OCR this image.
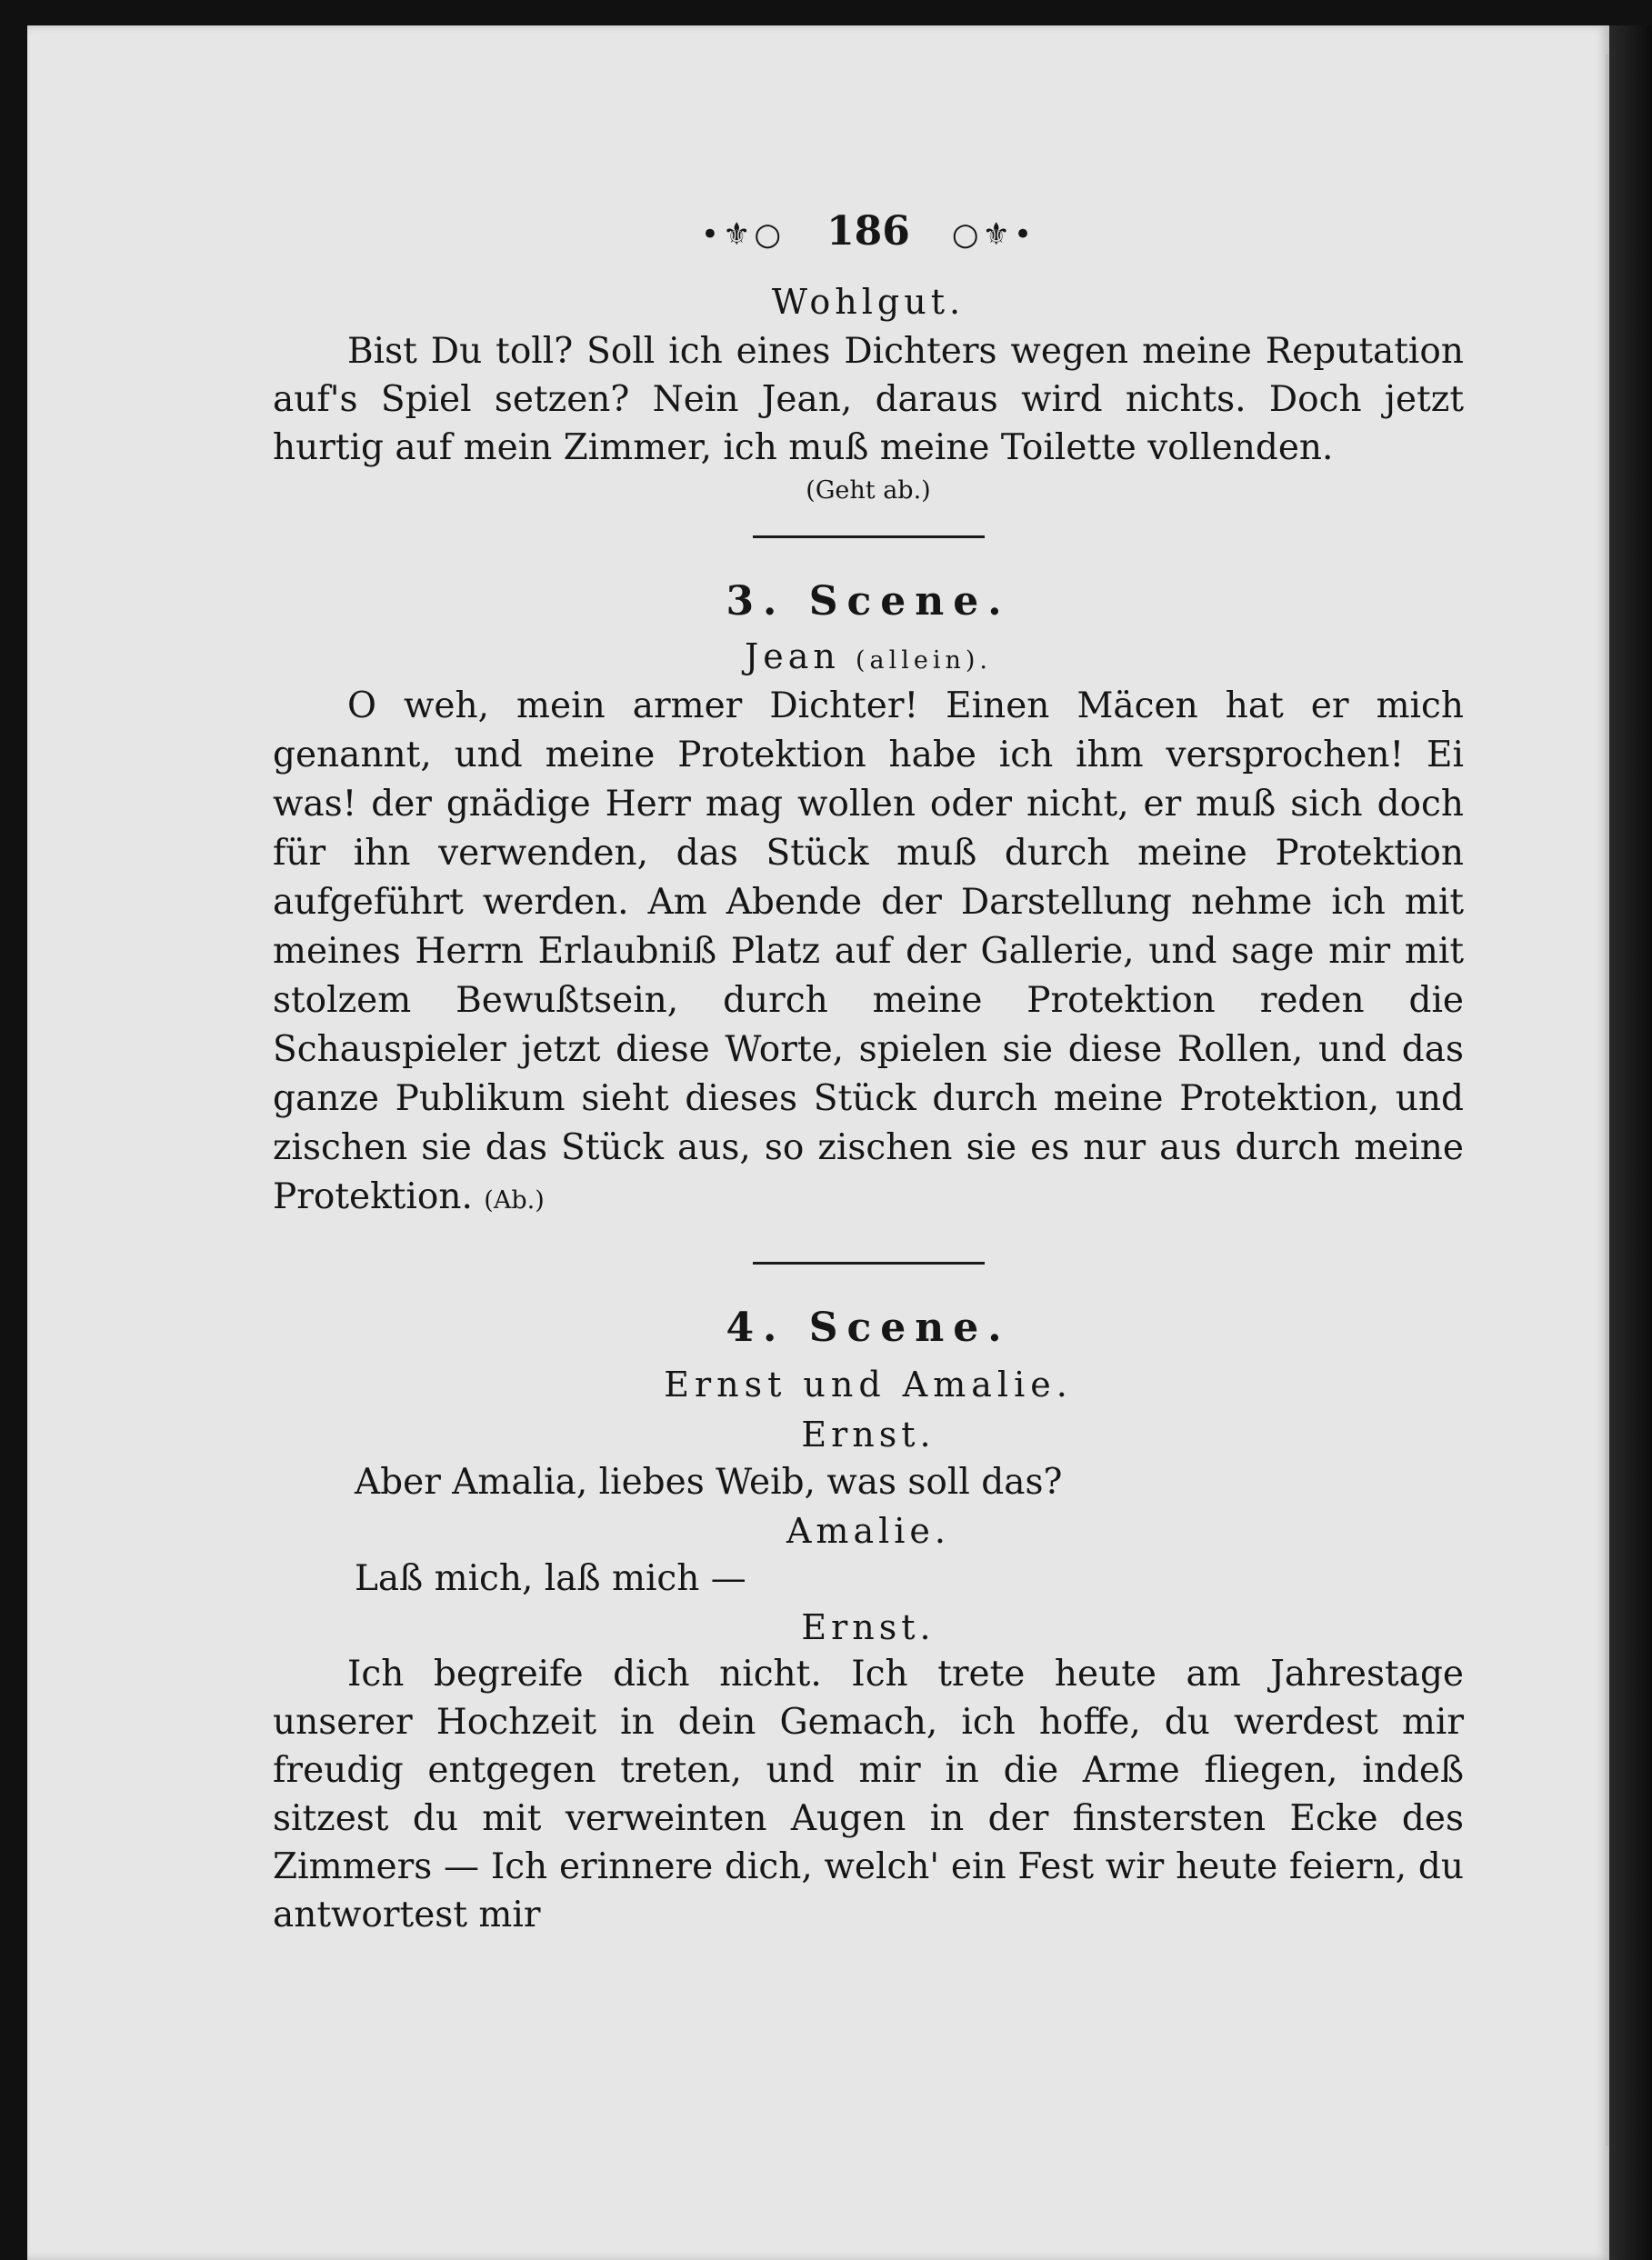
•⚜○ 186 ○⚜•
Wohlgut.

Bist Du toll? Soll ich eines Dichters wegen meine Reputation auf's Spiel setzen? Nein Jean, daraus wird nichts. Doch jetzt hurtig auf mein Zimmer, ich muß meine Toilette vollenden.

(Geht ab.)
3. Scene.
Jean (allein).

O weh, mein armer Dichter! Einen Mäcen hat er mich genannt, und meine Protektion habe ich ihm versprochen! Ei was! der gnädige Herr mag wollen oder nicht, er muß sich doch für ihn verwenden, das Stück muß durch meine Protektion aufgeführt werden. Am Abende der Darstellung nehme ich mit meines Herrn Erlaubniß Platz auf der Gallerie, und sage mir mit stolzem Bewußtsein, durch meine Protektion reden die Schauspieler jetzt diese Worte, spielen sie diese Rollen, und das ganze Publikum sieht dieses Stück durch meine Protektion, und zischen sie das Stück aus, so zischen sie es nur aus durch meine Protektion. (Ab.)

4. Scene.
Ernst und Amalie.
Ernst.
Aber Amalia, liebes Weib, was soll das?
Amalie.
Laß mich, laß mich —
Ernst.

Ich begreife dich nicht. Ich trete heute am Jahrestage unserer Hochzeit in dein Gemach, ich hoffe, du werdest mir freudig entgegen treten, und mir in die Arme fliegen, indeß sitzest du mit verweinten Augen in der finstersten Ecke des Zimmers — Ich erinnere dich, welch' ein Fest wir heute feiern, du antwortest mir
